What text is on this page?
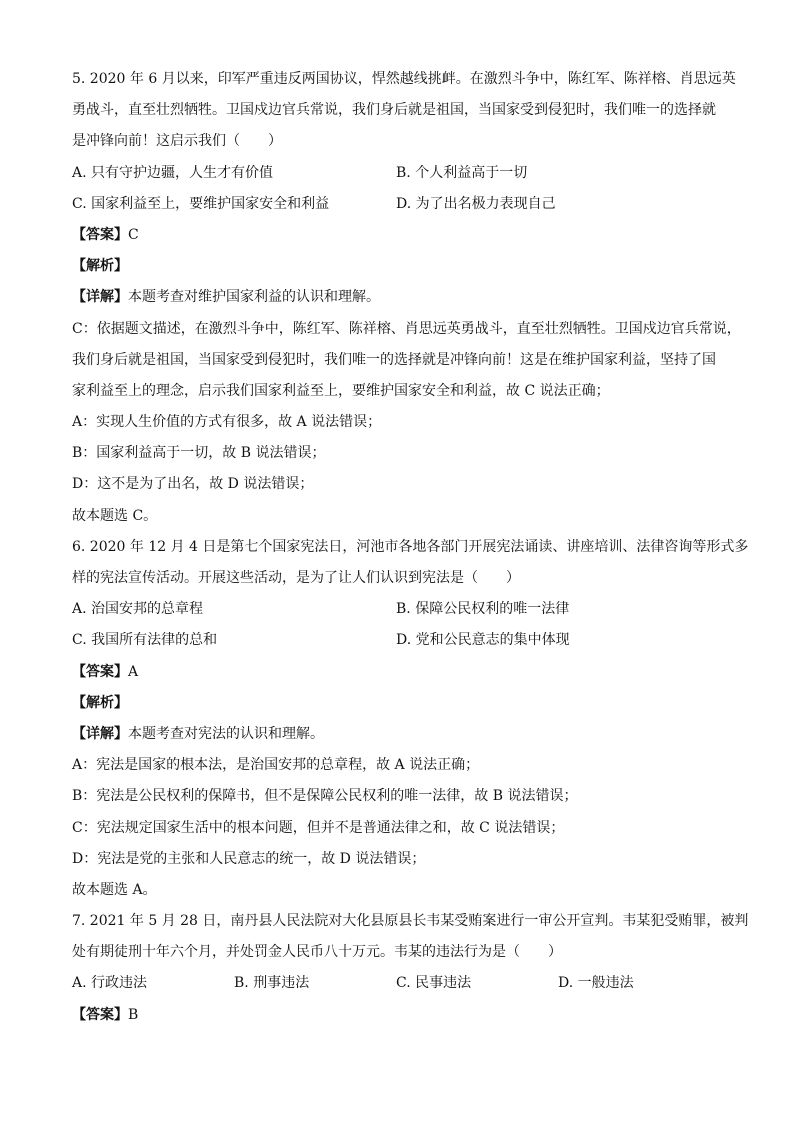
5. 2020 年 6 月以来，印军严重违反两国协议，悍然越线挑衅。在激烈斗争中，陈红军、陈祥榕、肖思远英
勇战斗，直至壮烈牺牲。卫国戍边官兵常说，我们身后就是祖国，当国家受到侵犯时，我们唯一的选择就
是冲锋向前！这启示我们（　　）
A. 只有守护边疆，人生才有价值	B. 个人利益高于一切
C. 国家利益至上，要维护国家安全和利益	D. 为了出名极力表现自己
【答案】C
【解析】
【详解】本题考查对维护国家利益的认识和理解。
C：依据题文描述，在激烈斗争中，陈红军、陈祥榕、肖思远英勇战斗，直至壮烈牺牲。卫国戍边官兵常说，
我们身后就是祖国，当国家受到侵犯时，我们唯一的选择就是冲锋向前！这是在维护国家利益，坚持了国
家利益至上的理念，启示我们国家利益至上，要维护国家安全和利益，故 C 说法正确；
A：实现人生价值的方式有很多，故 A 说法错误；
B：国家利益高于一切，故 B 说法错误；
D：这不是为了出名，故 D 说法错误；
故本题选 C。
6. 2020 年 12 月 4 日是第七个国家宪法日，河池市各地各部门开展宪法诵读、讲座培训、法律咨询等形式多
样的宪法宣传活动。开展这些活动，是为了让人们认识到宪法是（　　）
A. 治国安邦的总章程	B. 保障公民权利的唯一法律
C. 我国所有法律的总和	D. 党和公民意志的集中体现
【答案】A
【解析】
【详解】本题考查对宪法的认识和理解。
A：宪法是国家的根本法，是治国安邦的总章程，故 A 说法正确；
B：宪法是公民权利的保障书，但不是保障公民权利的唯一法律，故 B 说法错误；
C：宪法规定国家生活中的根本问题，但并不是普通法律之和，故 C 说法错误；
D：宪法是党的主张和人民意志的统一，故 D 说法错误；
故本题选 A。
7. 2021 年 5 月 28 日，南丹县人民法院对大化县原县长韦某受贿案进行一审公开宣判。韦某犯受贿罪，被判
处有期徒刑十年六个月，并处罚金人民币八十万元。韦某的违法行为是（　　）
A. 行政违法	B. 刑事违法	C. 民事违法	D. 一般违法
【答案】B
